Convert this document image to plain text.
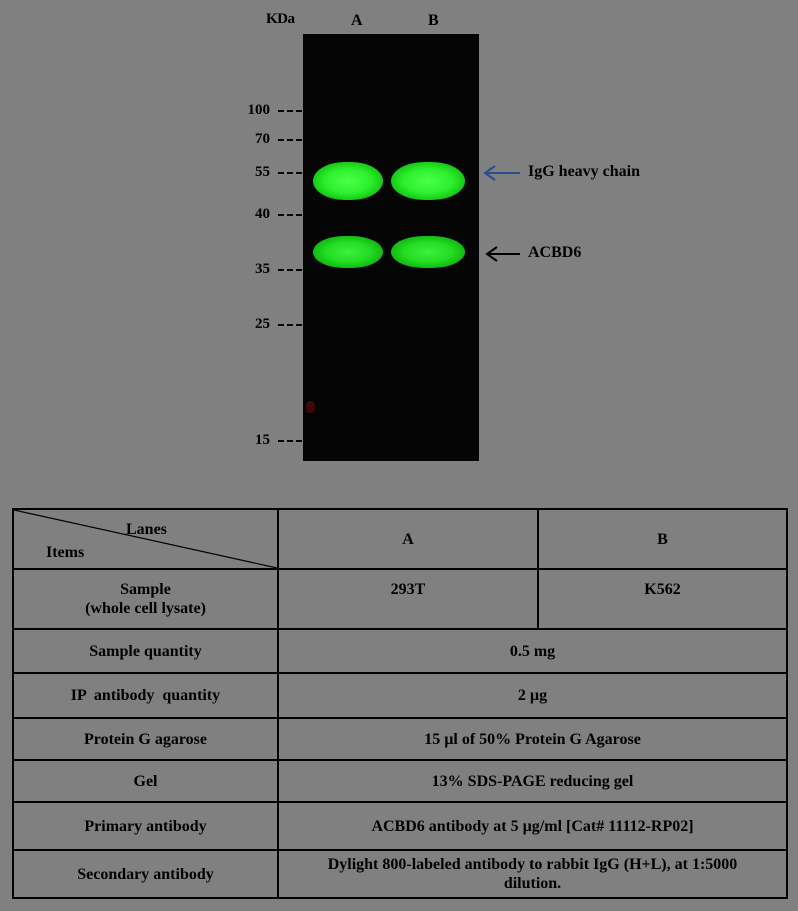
KDa	A	B
100
70
55
40
35
25
15
IgG heavy chain
ACBD6
Lanes
Items	A	B

Sample
(whole cell lysate)	293T	K562
Sample quantity	0.5 mg	
IP  antibody  quantity	2 µg	
Protein G agarose	15 µl of 50% Protein G Agarose	
Gel	13% SDS-PAGE reducing gel	
Primary antibody	ACBD6 antibody at 5 µg/ml [Cat# 11112-RP02]	
Secondary antibody	Dylight 800-labeled antibody to rabbit IgG (H+L), at 1:5000
dilution.	
